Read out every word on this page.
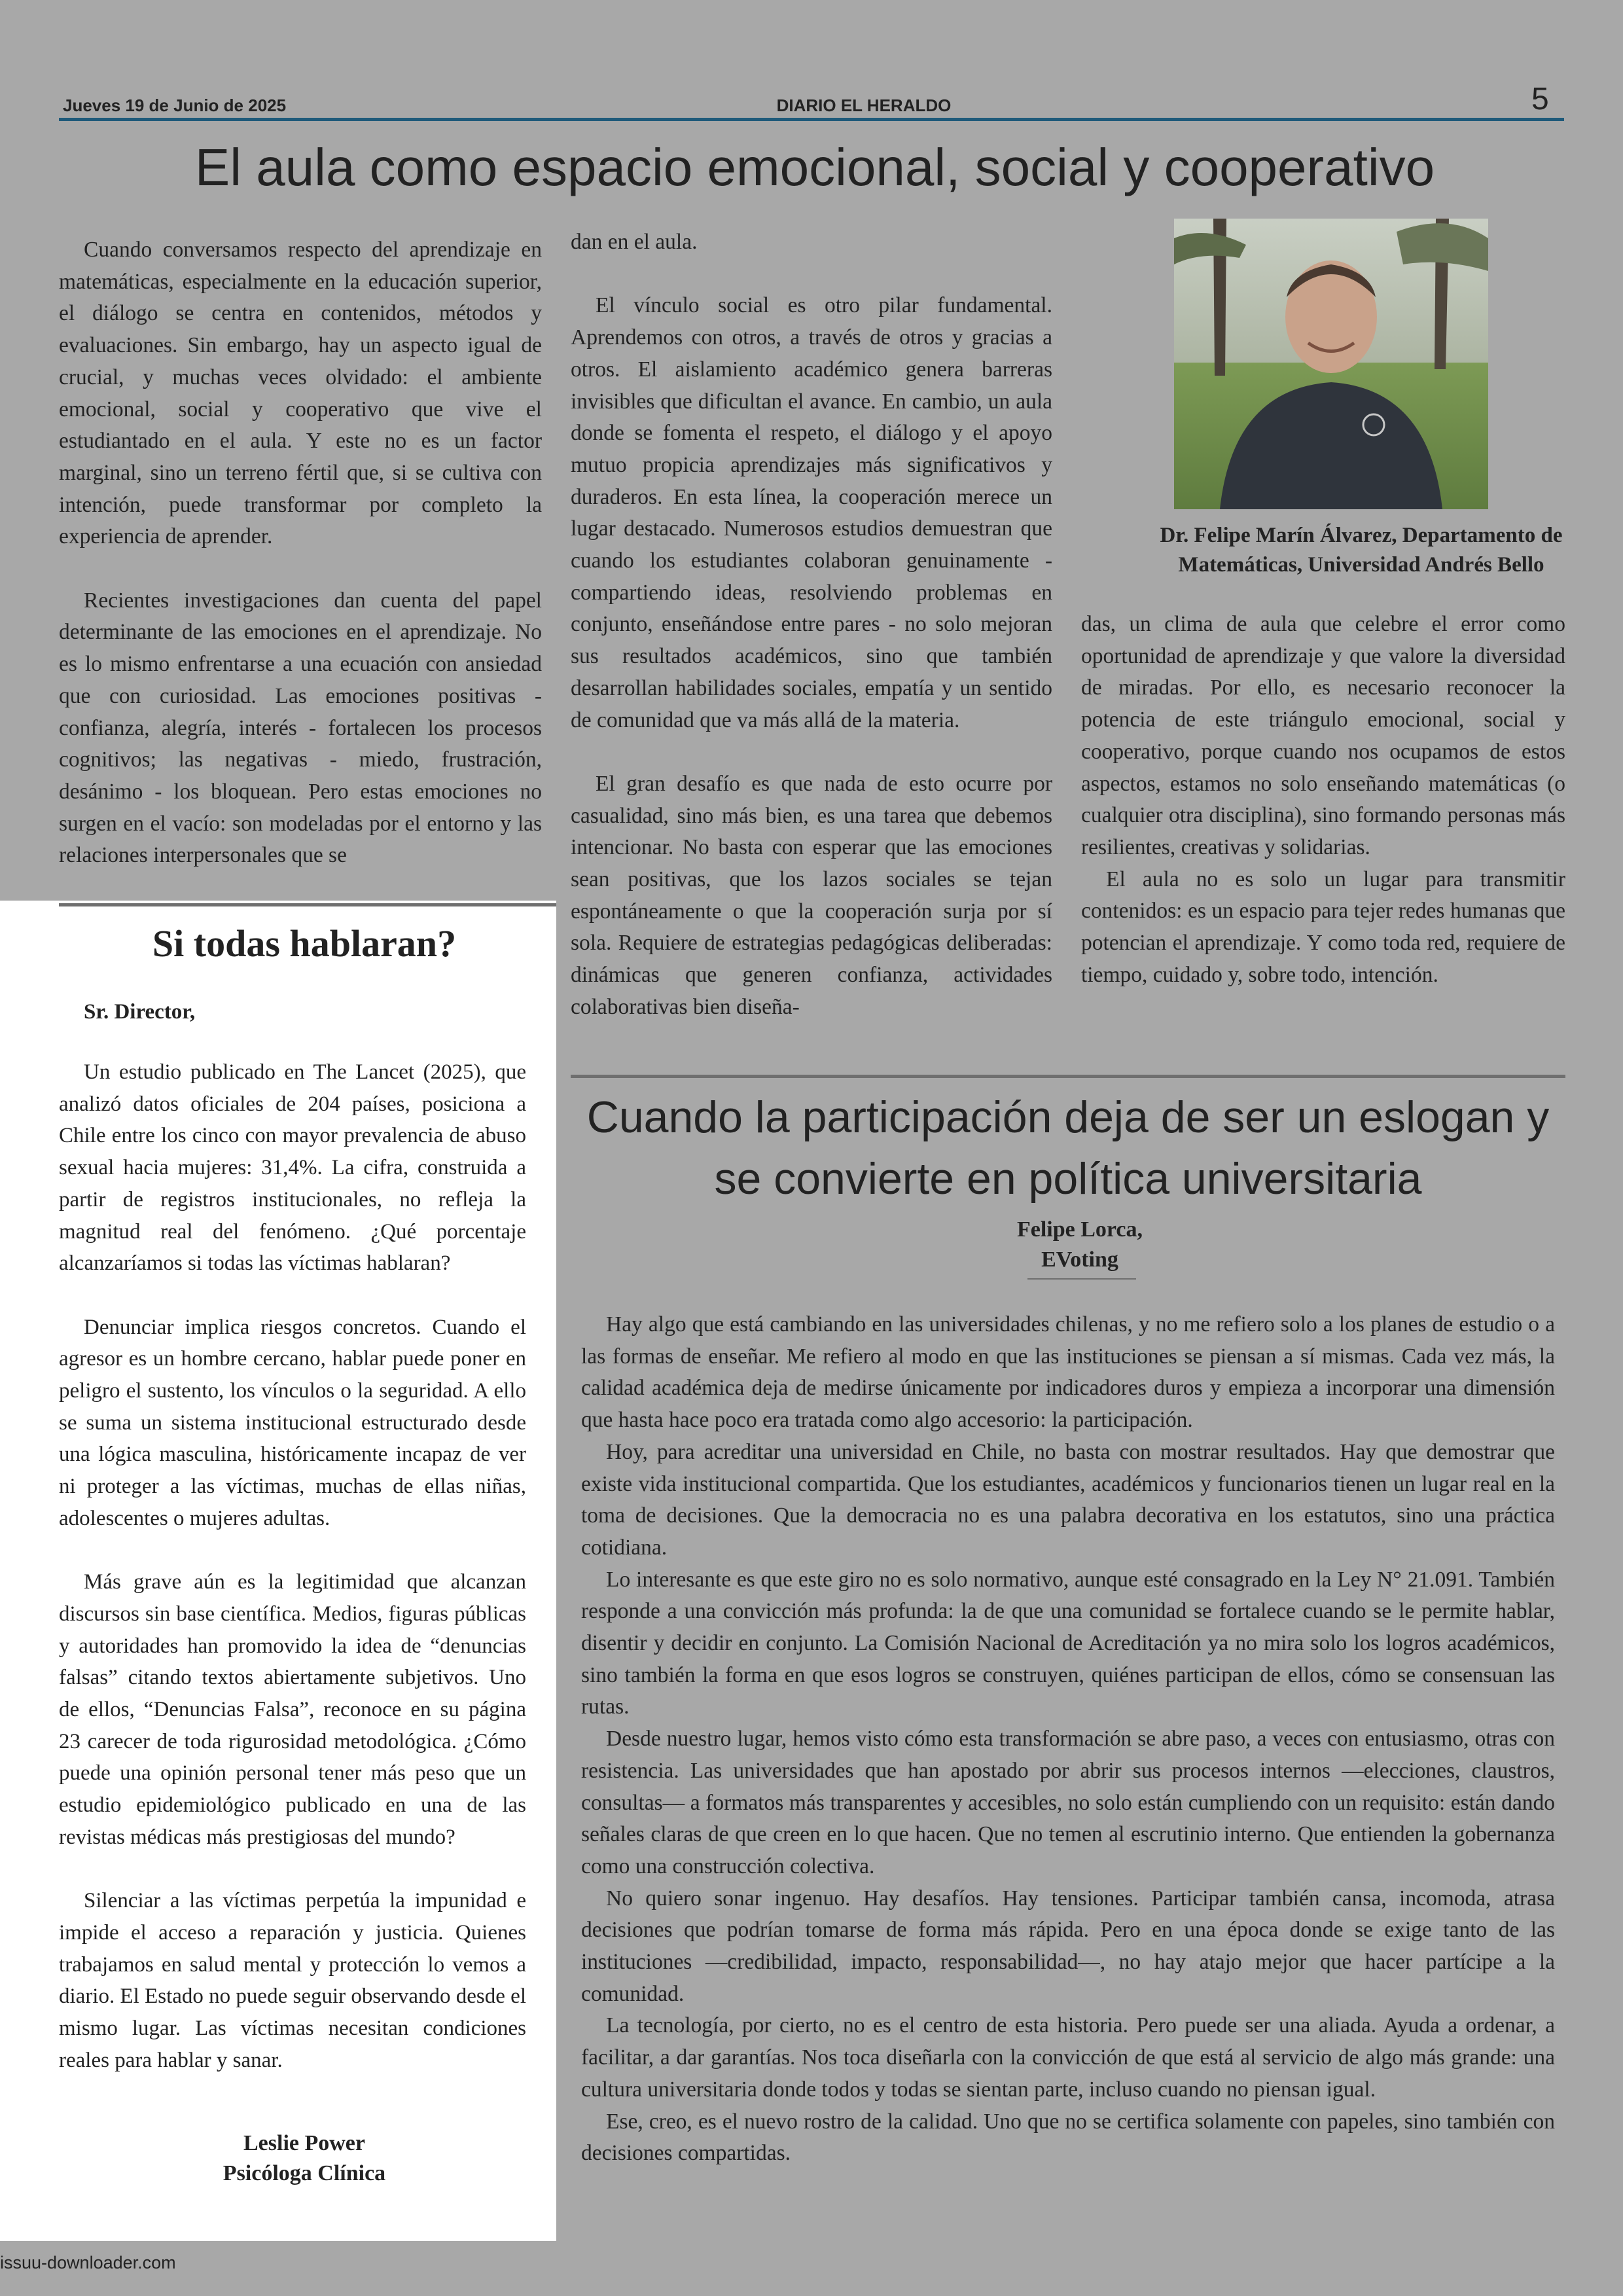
Jueves 19 de Junio de 2025	DIARIO EL HERALDO	5
El aula como espacio emocional, social y cooperativo

Cuando conversamos respecto del aprendizaje en matemáticas, especialmente en la educación superior, el diálogo se centra en contenidos, métodos y evaluaciones. Sin embargo, hay un aspecto igual de crucial, y muchas veces olvidado: el ambiente emocional, social y cooperativo que vive el estudiantado en el aula. Y este no es un factor marginal, sino un terreno fértil que, si se cultiva con intención, puede transformar por completo la experiencia de aprender.

Recientes investigaciones dan cuenta del papel determinante de las emociones en el aprendizaje. No es lo mismo enfrentarse a una ecuación con ansiedad que con curiosidad. Las emociones positivas - confianza, alegría, interés - fortalecen los procesos cognitivos; las negativas - miedo, frustración, desánimo - los bloquean. Pero estas emociones no surgen en el vacío: son modeladas por el entorno y las relaciones interpersonales que se

dan en el aula.

El vínculo social es otro pilar fundamental. Aprendemos con otros, a través de otros y gracias a otros. El aislamiento académico genera barreras invisibles que dificultan el avance. En cambio, un aula donde se fomenta el respeto, el diálogo y el apoyo mutuo propicia aprendizajes más significativos y duraderos. En esta línea, la cooperación merece un lugar destacado. Numerosos estudios demuestran que cuando los estudiantes colaboran genuinamente - compartiendo ideas, resolviendo problemas en conjunto, enseñándose entre pares - no solo mejoran sus resultados académicos, sino que también desarrollan habilidades sociales, empatía y un sentido de comunidad que va más allá de la materia.

El gran desafío es que nada de esto ocurre por casualidad, sino más bien, es una tarea que debemos intencionar. No basta con esperar que las emociones sean positivas, que los lazos sociales se tejan espontáneamente o que la cooperación surja por sí sola. Requiere de estrategias pedagógicas deliberadas: dinámicas que generen confianza, actividades colaborativas bien diseña-

Dr. Felipe Marín Álvarez, Departamento de Matemáticas, Universidad Andrés Bello

das, un clima de aula que celebre el error como oportunidad de aprendizaje y que valore la diversidad de miradas. Por ello, es necesario reconocer la potencia de este triángulo emocional, social y cooperativo, porque cuando nos ocupamos de estos aspectos, estamos no solo enseñando matemáticas (o cualquier otra disciplina), sino formando personas más resilientes, creativas y solidarias.

El aula no es solo un lugar para transmitir contenidos: es un espacio para tejer redes humanas que potencian el aprendizaje. Y como toda red, requiere de tiempo, cuidado y, sobre todo, intención.

Si todas hablaran?
Sr. Director,

Un estudio publicado en The Lancet (2025), que analizó datos oficiales de 204 países, posiciona a Chile entre los cinco con mayor prevalencia de abuso sexual hacia mujeres: 31,4%. La cifra, construida a partir de registros institucionales, no refleja la magnitud real del fenómeno. ¿Qué porcentaje alcanzaríamos si todas las víctimas hablaran?

Denunciar implica riesgos concretos. Cuando el agresor es un hombre cercano, hablar puede poner en peligro el sustento, los vínculos o la seguridad. A ello se suma un sistema institucional estructurado desde una lógica masculina, históricamente incapaz de ver ni proteger a las víctimas, muchas de ellas niñas, adolescentes o mujeres adultas.

Más grave aún es la legitimidad que alcanzan discursos sin base científica. Medios, figuras públicas y autoridades han promovido la idea de “denuncias falsas” citando textos abiertamente subjetivos. Uno de ellos, “Denuncias Falsa”, reconoce en su página 23 carecer de toda rigurosidad metodológica. ¿Cómo puede una opinión personal tener más peso que un estudio epidemiológico publicado en una de las revistas médicas más prestigiosas del mundo?

Silenciar a las víctimas perpetúa la impunidad e impide el acceso a reparación y justicia. Quienes trabajamos en salud mental y protección lo vemos a diario. El Estado no puede seguir observando desde el mismo lugar. Las víctimas necesitan condiciones reales para hablar y sanar.

Leslie Power
Psicóloga Clínica
Cuando la participación deja de ser un eslogan y
se convierte en política universitaria
Felipe Lorca,
EVoting

Hay algo que está cambiando en las universidades chilenas, y no me refiero solo a los planes de estudio o a las formas de enseñar. Me refiero al modo en que las instituciones se piensan a sí mismas. Cada vez más, la calidad académica deja de medirse únicamente por indicadores duros y empieza a incorporar una dimensión que hasta hace poco era tratada como algo accesorio: la participación.

Hoy, para acreditar una universidad en Chile, no basta con mostrar resultados. Hay que demostrar que existe vida institucional compartida. Que los estudiantes, académicos y funcionarios tienen un lugar real en la toma de decisiones. Que la democracia no es una palabra decorativa en los estatutos, sino una práctica cotidiana.

Lo interesante es que este giro no es solo normativo, aunque esté consagrado en la Ley N° 21.091. También responde a una convicción más profunda: la de que una comunidad se fortalece cuando se le permite hablar, disentir y decidir en conjunto. La Comisión Nacional de Acreditación ya no mira solo los logros académicos, sino también la forma en que esos logros se construyen, quiénes participan de ellos, cómo se consensuan las rutas.

Desde nuestro lugar, hemos visto cómo esta transformación se abre paso, a veces con entusiasmo, otras con resistencia. Las universidades que han apostado por abrir sus procesos internos —elecciones, claustros, consultas— a formatos más transparentes y accesibles, no solo están cumpliendo con un requisito: están dando señales claras de que creen en lo que hacen. Que no temen al escrutinio interno. Que entienden la gobernanza como una construcción colectiva.

No quiero sonar ingenuo. Hay desafíos. Hay tensiones. Participar también cansa, incomoda, atrasa decisiones que podrían tomarse de forma más rápida. Pero en una época donde se exige tanto de las instituciones —credibilidad, impacto, responsabilidad—, no hay atajo mejor que hacer partícipe a la comunidad.

La tecnología, por cierto, no es el centro de esta historia. Pero puede ser una aliada. Ayuda a ordenar, a facilitar, a dar garantías. Nos toca diseñarla con la convicción de que está al servicio de algo más grande: una cultura universitaria donde todos y todas se sientan parte, incluso cuando no piensan igual.

Ese, creo, es el nuevo rostro de la calidad. Uno que no se certifica solamente con papeles, sino también con decisiones compartidas.

issuu-downloader.com
